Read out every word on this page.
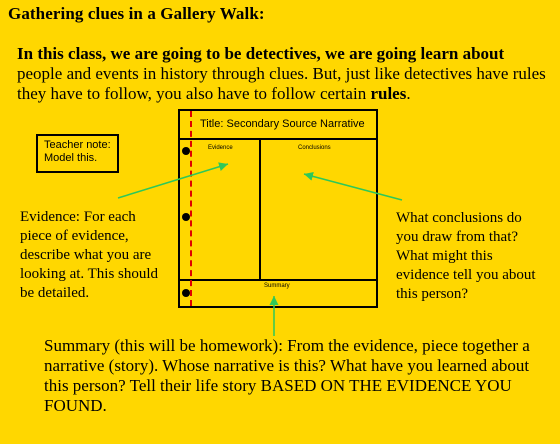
Gathering clues in a Gallery Walk:
In this class, we are going to be detectives, we are going learn about people and events in history through clues. But, just like detectives have rules they have to follow, you also have to follow certain rules.
Teacher note:
Model this.
Title: Secondary Source Narrative
Evidence	Conclusions
Summary
Evidence: For each piece of evidence, describe what you are looking at. This should be detailed.
What conclusions do you draw from that? What might this evidence tell you about this person?
Summary (this will be homework): From the evidence, piece together a narrative (story). Whose narrative is this? What have you learned about this person? Tell their life story BASED ON THE EVIDENCE YOU FOUND.
